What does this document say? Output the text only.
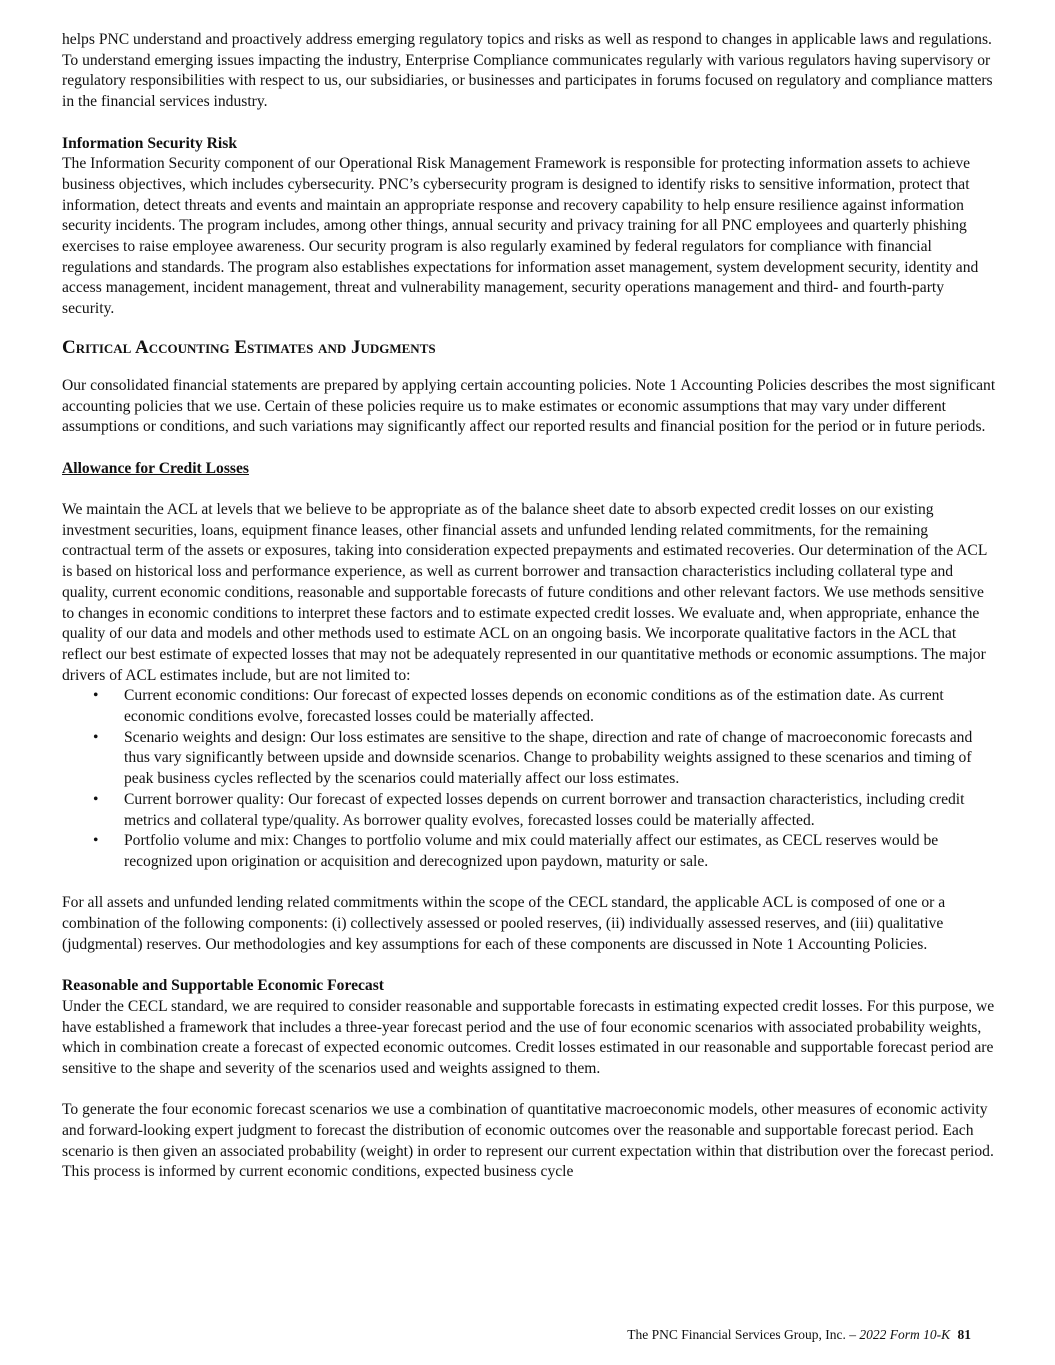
helps PNC understand and proactively address emerging regulatory topics and risks as well as respond to changes in applicable laws and regulations. To understand emerging issues impacting the industry, Enterprise Compliance communicates regularly with various regulators having supervisory or regulatory responsibilities with respect to us, our subsidiaries, or businesses and participates in forums focused on regulatory and compliance matters in the financial services industry.

Information Security Risk

The Information Security component of our Operational Risk Management Framework is responsible for protecting information assets to achieve business objectives, which includes cybersecurity. PNC’s cybersecurity program is designed to identify risks to sensitive information, protect that information, detect threats and events and maintain an appropriate response and recovery capability to help ensure resilience against information security incidents. The program includes, among other things, annual security and privacy training for all PNC employees and quarterly phishing exercises to raise employee awareness. Our security program is also regularly examined by federal regulators for compliance with financial regulations and standards. The program also establishes expectations for information asset management, system development security, identity and access management, incident management, threat and vulnerability management, security operations management and third- and fourth-party security.

Critical Accounting Estimates and Judgments

Our consolidated financial statements are prepared by applying certain accounting policies. Note 1 Accounting Policies describes the most significant accounting policies that we use. Certain of these policies require us to make estimates or economic assumptions that may vary under different assumptions or conditions, and such variations may significantly affect our reported results and financial position for the period or in future periods.

Allowance for Credit Losses

We maintain the ACL at levels that we believe to be appropriate as of the balance sheet date to absorb expected credit losses on our existing investment securities, loans, equipment finance leases, other financial assets and unfunded lending related commitments, for the remaining contractual term of the assets or exposures, taking into consideration expected prepayments and estimated recoveries. Our determination of the ACL is based on historical loss and performance experience, as well as current borrower and transaction characteristics including collateral type and quality, current economic conditions, reasonable and supportable forecasts of future conditions and other relevant factors. We use methods sensitive to changes in economic conditions to interpret these factors and to estimate expected credit losses. We evaluate and, when appropriate, enhance the quality of our data and models and other methods used to estimate ACL on an ongoing basis. We incorporate qualitative factors in the ACL that reflect our best estimate of expected losses that may not be adequately represented in our quantitative methods or economic assumptions. The major drivers of ACL estimates include, but are not limited to:

• Current economic conditions: Our forecast of expected losses depends on economic conditions as of the estimation date. As current economic conditions evolve, forecasted losses could be materially affected.
• Scenario weights and design: Our loss estimates are sensitive to the shape, direction and rate of change of macroeconomic forecasts and thus vary significantly between upside and downside scenarios. Change to probability weights assigned to these scenarios and timing of peak business cycles reflected by the scenarios could materially affect our loss estimates.
• Current borrower quality: Our forecast of expected losses depends on current borrower and transaction characteristics, including credit metrics and collateral type/quality. As borrower quality evolves, forecasted losses could be materially affected.
• Portfolio volume and mix: Changes to portfolio volume and mix could materially affect our estimates, as CECL reserves would be recognized upon origination or acquisition and derecognized upon paydown, maturity or sale.

For all assets and unfunded lending related commitments within the scope of the CECL standard, the applicable ACL is composed of one or a combination of the following components: (i) collectively assessed or pooled reserves, (ii) individually assessed reserves, and (iii) qualitative (judgmental) reserves. Our methodologies and key assumptions for each of these components are discussed in Note 1 Accounting Policies.

Reasonable and Supportable Economic Forecast

Under the CECL standard, we are required to consider reasonable and supportable forecasts in estimating expected credit losses. For this purpose, we have established a framework that includes a three-year forecast period and the use of four economic scenarios with associated probability weights, which in combination create a forecast of expected economic outcomes. Credit losses estimated in our reasonable and supportable forecast period are sensitive to the shape and severity of the scenarios used and weights assigned to them.

To generate the four economic forecast scenarios we use a combination of quantitative macroeconomic models, other measures of economic activity and forward-looking expert judgment to forecast the distribution of economic outcomes over the reasonable and supportable forecast period. Each scenario is then given an associated probability (weight) in order to represent our current expectation within that distribution over the forecast period. This process is informed by current economic conditions, expected business cycle

The PNC Financial Services Group, Inc. – 2022 Form 10-K 81
